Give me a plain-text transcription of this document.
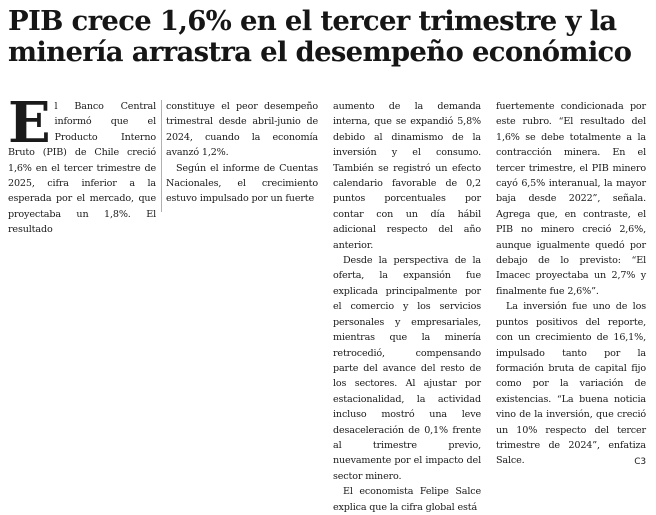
PIB crece 1,6% en el tercer trimestre y la
minería arrastra el desempeño económico

E l Banco Central informó que el Producto Interno Bruto (PIB) de Chile creció 1,6% en el tercer trimestre de 2025, cifra inferior a la esperada por el mercado, que proyectaba un 1,8%. El resultado

constituye el peor desempeño trimestral desde abril-junio de 2024, cuando la economía avanzó 1,2%.

Según el informe de Cuentas Nacionales, el crecimiento estuvo impulsado por un fuerte

aumento de la demanda interna, que se expandió 5,8% debido al dinamismo de la inversión y el consumo. También se registró un efecto calendario favorable de 0,2 puntos porcentuales por contar con un día hábil adicional respecto del año anterior.

Desde la perspectiva de la oferta, la expansión fue explicada principalmente por el comercio y los servicios personales y empresariales, mientras que la minería retrocedió, compensando parte del avance del resto de los sectores. Al ajustar por estacionalidad, la actividad incluso mostró una leve desaceleración de 0,1% frente al trimestre previo, nuevamente por el impacto del sector minero.

El economista Felipe Salce explica que la cifra global está

fuertemente condicionada por este rubro. “El resultado del 1,6% se debe totalmente a la contracción minera. En el tercer trimestre, el PIB minero cayó 6,5% interanual, la mayor baja desde 2022”, señala. Agrega que, en contraste, el PIB no minero creció 2,6%, aunque igualmente quedó por debajo de lo previsto: “El Imacec proyectaba un 2,7% y finalmente fue 2,6%”.

La inversión fue uno de los puntos positivos del reporte, con un crecimiento de 16,1%, impulsado tanto por la formación bruta de capital fijo como por la variación de existencias. “La buena noticia vino de la inversión, que creció un 10% respecto del tercer trimestre de 2024”, enfatiza Salce.	C3
